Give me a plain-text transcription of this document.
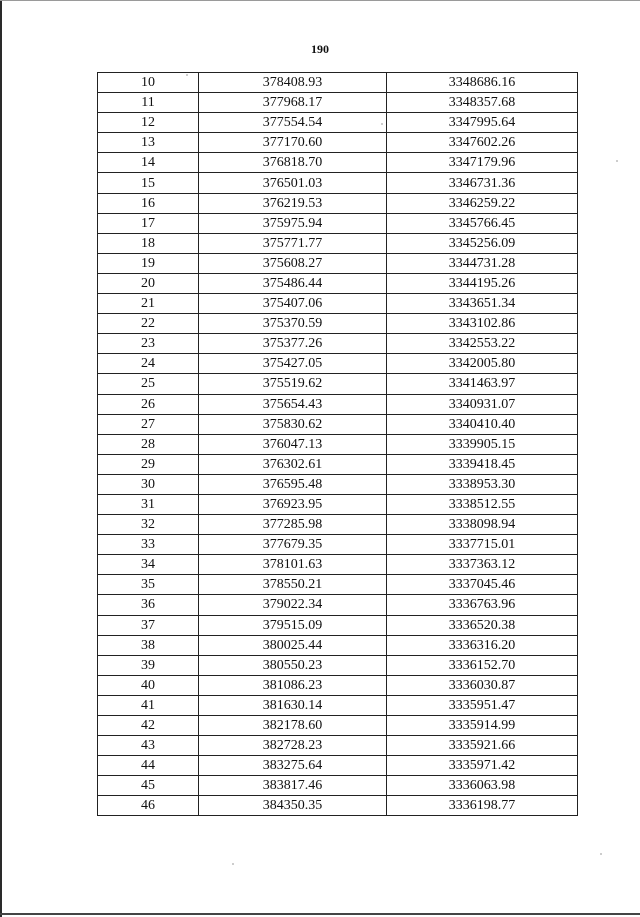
190
10	378408.93	3348686.16
11	377968.17	3348357.68
12	377554.54	3347995.64
13	377170.60	3347602.26
14	376818.70	3347179.96
15	376501.03	3346731.36
16	376219.53	3346259.22
17	375975.94	3345766.45
18	375771.77	3345256.09
19	375608.27	3344731.28
20	375486.44	3344195.26
21	375407.06	3343651.34
22	375370.59	3343102.86
23	375377.26	3342553.22
24	375427.05	3342005.80
25	375519.62	3341463.97
26	375654.43	3340931.07
27	375830.62	3340410.40
28	376047.13	3339905.15
29	376302.61	3339418.45
30	376595.48	3338953.30
31	376923.95	3338512.55
32	377285.98	3338098.94
33	377679.35	3337715.01
34	378101.63	3337363.12
35	378550.21	3337045.46
36	379022.34	3336763.96
37	379515.09	3336520.38
38	380025.44	3336316.20
39	380550.23	3336152.70
40	381086.23	3336030.87
41	381630.14	3335951.47
42	382178.60	3335914.99
43	382728.23	3335921.66
44	383275.64	3335971.42
45	383817.46	3336063.98
46	384350.35	3336198.77
